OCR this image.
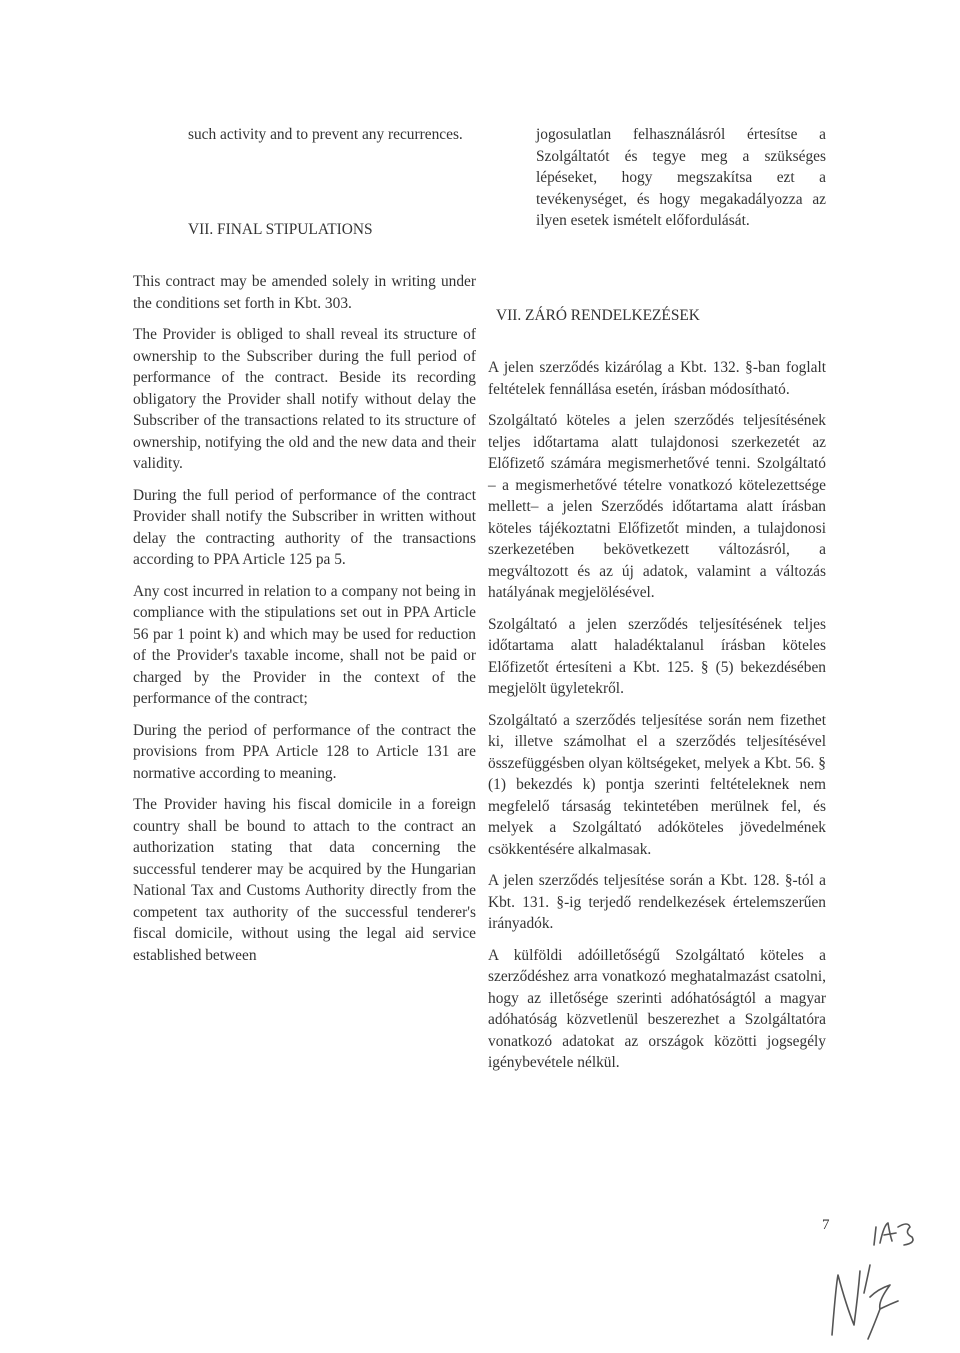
such activity and to prevent any recurrences.

VII. FINAL STIPULATIONS

This contract may be amended solely in writing under the conditions set forth in Kbt. 303.

The Provider is obliged to shall reveal its structure of ownership to the Subscriber during the full period of performance of the contract. Beside its recording obligatory the Provider shall notify without delay the Subscriber of the transactions related to its structure of ownership, notifying the old and the new data and their validity.

During the full period of performance of the contract Provider shall notify the Subscriber in written without delay the contracting authority of the transactions according to PPA Article 125 pa 5.

Any cost incurred in relation to a company not being in compliance with the stipulations set out in PPA Article 56 par 1 point k) and which may be used for reduction of the Provider's taxable income, shall not be paid or charged by the Provider in the context of the performance of the contract;

During the period of performance of the contract the provisions from PPA Article 128 to Article 131 are normative according to meaning.

The Provider having his fiscal domicile in a foreign country shall be bound to attach to the contract an authorization stating that data concerning the successful tenderer may be acquired by the Hungarian National Tax and Customs Authority directly from the competent tax authority of the successful tenderer's fiscal domicile, without using the legal aid service established between

jogosulatlan felhasználásról értesítse a Szolgáltatót és tegye meg a szükséges lépéseket, hogy megszakítsa ezt a tevékenységet, és hogy megakadályozza az ilyen esetek ismételt előfordulását.

VII. ZÁRÓ RENDELKEZÉSEK

A jelen szerződés kizárólag a Kbt. 132. §-ban foglalt feltételek fennállása esetén, írásban módosítható.

Szolgáltató köteles a jelen szerződés teljesítésének teljes időtartama alatt tulajdonosi szerkezetét az Előfizető számára megismerhetővé tenni. Szolgáltató – a megismerhetővé tételre vonatkozó kötelezettsége mellett– a jelen Szerződés időtartama alatt írásban köteles tájékoztatni Előfizetőt minden, a tulajdonosi szerkezetében bekövetkezett változásról, a megváltozott és az új adatok, valamint a változás hatályának megjelölésével.

Szolgáltató a jelen szerződés teljesítésének teljes időtartama alatt haladéktalanul írásban köteles Előfizetőt értesíteni a Kbt. 125. § (5) bekezdésében megjelölt ügyletekről.

Szolgáltató a szerződés teljesítése során nem fizethet ki, illetve számolhat el a szerződés teljesítésével összefüggésben olyan költségeket, melyek a Kbt. 56. § (1) bekezdés k) pontja szerinti feltételeknek nem megfelelő társaság tekintetében merülnek fel, és melyek a Szolgáltató adóköteles jövedelmének csökkentésére alkalmasak.

A jelen szerződés teljesítése során a Kbt. 128. §-tól a Kbt. 131. §-ig terjedő rendelkezések értelemszerűen irányadók.

A külföldi adóilletőségű Szolgáltató köteles a szerződéshez arra vonatkozó meghatalmazást csatolni, hogy az illetősége szerinti adóhatóságtól a magyar adóhatóság közvetlenül beszerezhet a Szolgáltatóra vonatkozó adatokat az országok közötti jogsegély igénybevétele nélkül.

7
